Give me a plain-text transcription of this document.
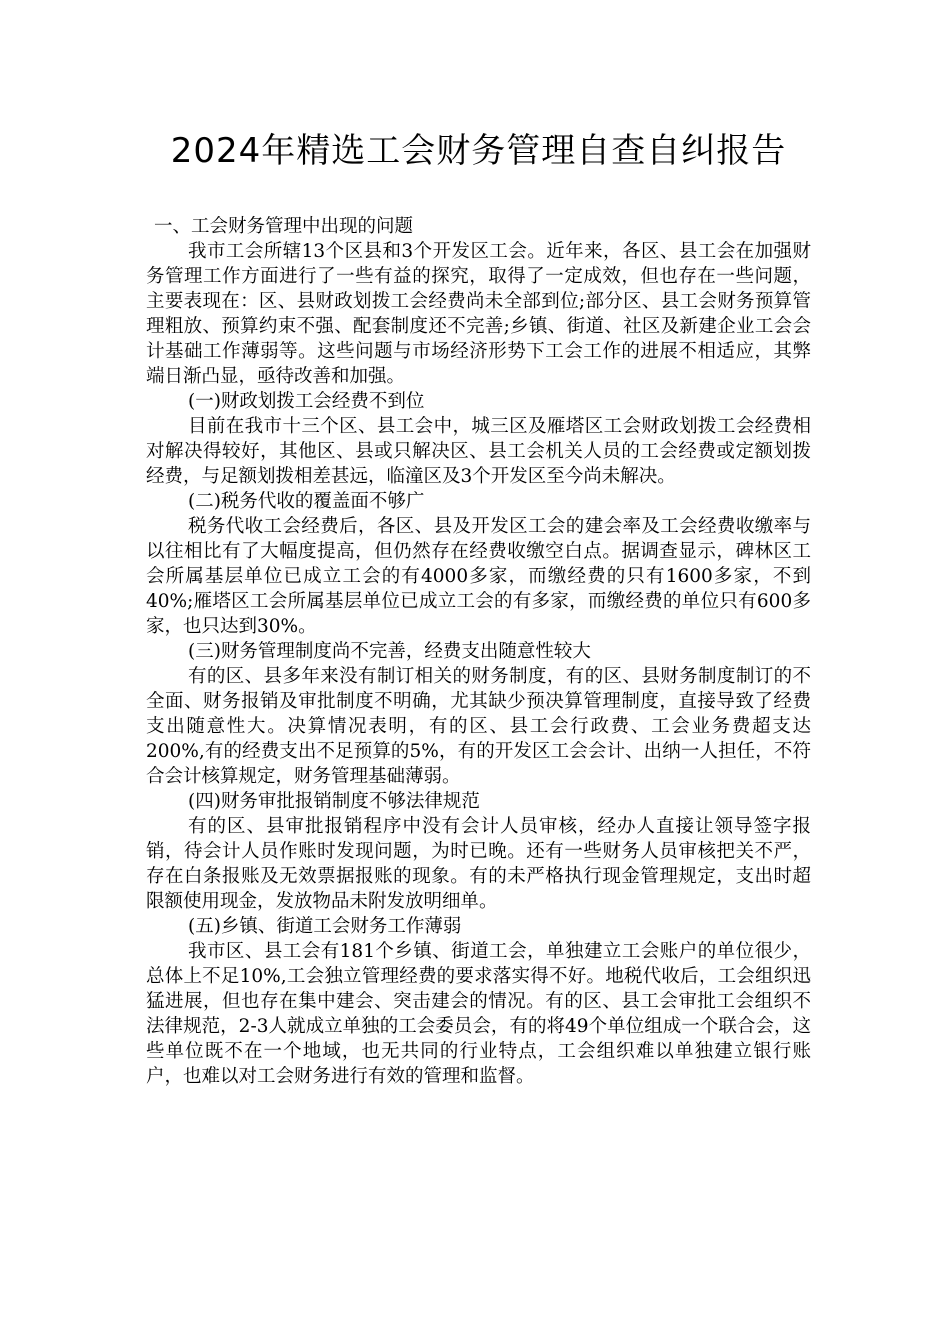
2024年精选工会财务管理自查自纠报告

一、工会财务管理中出现的问题

我市工会所辖13个区县和3个开发区工会。近年来，各区、县工会在加强财务管理工作方面进行了一些有益的探究，取得了一定成效，但也存在一些问题，主要表现在：区、县财政划拨工会经费尚未全部到位;部分区、县工会财务预算管理粗放、预算约束不强、配套制度还不完善;乡镇、街道、社区及新建企业工会会计基础工作薄弱等。这些问题与市场经济形势下工会工作的进展不相适应，其弊端日渐凸显，亟待改善和加强。

(一)财政划拨工会经费不到位

目前在我市十三个区、县工会中，城三区及雁塔区工会财政划拨工会经费相对解决得较好，其他区、县或只解决区、县工会机关人员的工会经费或定额划拨经费，与足额划拨相差甚远，临潼区及3个开发区至今尚未解决。

(二)税务代收的覆盖面不够广

税务代收工会经费后，各区、县及开发区工会的建会率及工会经费收缴率与以往相比有了大幅度提高，但仍然存在经费收缴空白点。据调查显示，碑林区工会所属基层单位已成立工会的有4000多家，而缴经费的只有1600多家，不到40%;雁塔区工会所属基层单位已成立工会的有多家，而缴经费的单位只有600多家，也只达到30%。

(三)财务管理制度尚不完善，经费支出随意性较大

有的区、县多年来没有制订相关的财务制度，有的区、县财务制度制订的不全面、财务报销及审批制度不明确，尤其缺少预决算管理制度，直接导致了经费支出随意性大。决算情况表明，有的区、县工会行政费、工会业务费超支达200%,有的经费支出不足预算的5%，有的开发区工会会计、出纳一人担任，不符合会计核算规定，财务管理基础薄弱。

(四)财务审批报销制度不够法律规范

有的区、县审批报销程序中没有会计人员审核，经办人直接让领导签字报销，待会计人员作账时发现问题，为时已晚。还有一些财务人员审核把关不严，存在白条报账及无效票据报账的现象。有的未严格执行现金管理规定，支出时超限额使用现金，发放物品未附发放明细单。

(五)乡镇、街道工会财务工作薄弱

我市区、县工会有181个乡镇、街道工会，单独建立工会账户的单位很少，总体上不足10%,工会独立管理经费的要求落实得不好。地税代收后，工会组织迅猛进展，但也存在集中建会、突击建会的情况。有的区、县工会审批工会组织不法律规范，2-3人就成立单独的工会委员会，有的将49个单位组成一个联合会，这些单位既不在一个地域，也无共同的行业特点，工会组织难以单独建立银行账户，也难以对工会财务进行有效的管理和监督。
